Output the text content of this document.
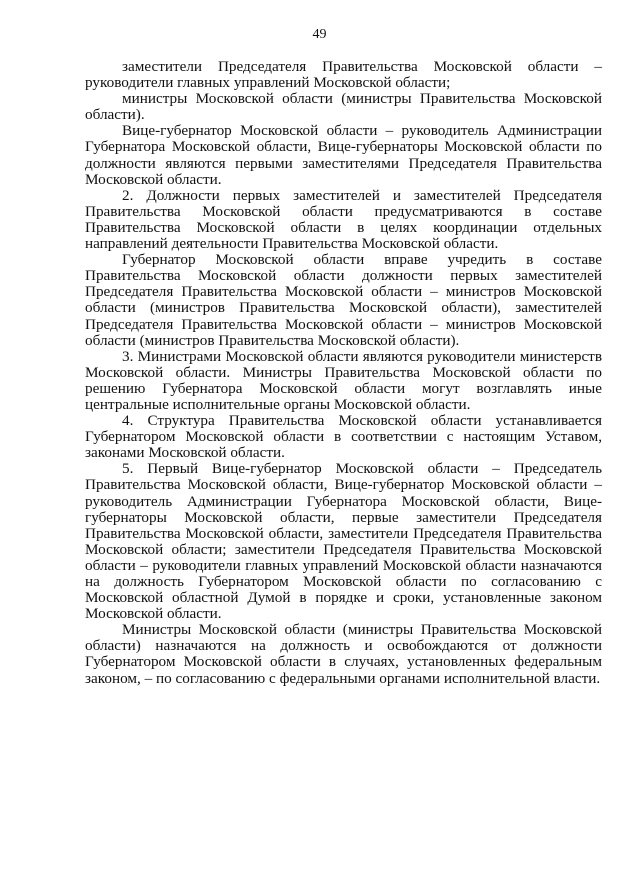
49

заместители Председателя Правительства Московской области – руководители главных управлений Московской области;

министры Московской области (министры Правительства Московской области).

Вице-губернатор Московской области – руководитель Администрации Губернатора Московской области, Вице-губернаторы Московской области по должности являются первыми заместителями Председателя Правительства Московской области.

2. Должности первых заместителей и заместителей Председателя Правительства Московской области предусматриваются в составе Правительства Московской области в целях координации отдельных направлений деятельности Правительства Московской области.

Губернатор Московской области вправе учредить в составе Правительства Московской области должности первых заместителей Председателя Правительства Московской области – министров Московской области (министров Правительства Московской области), заместителей Председателя Правительства Московской области – министров Московской области (министров Правительства Московской области).

3. Министрами Московской области являются руководители министерств Московской области. Министры Правительства Московской области по решению Губернатора Московской области могут возглавлять иные центральные исполнительные органы Московской области.

4. Структура Правительства Московской области устанавливается Губернатором Московской области в соответствии с настоящим Уставом, законами Московской области.

5. Первый Вице-губернатор Московской области – Председатель Правительства Московской области, Вице-губернатор Московской области – руководитель Администрации Губернатора Московской области, Вице-губернаторы Московской области, первые заместители Председателя Правительства Московской области, заместители Председателя Правительства Московской области; заместители Председателя Правительства Московской области – руководители главных управлений Московской области назначаются на должность Губернатором Московской области по согласованию с Московской областной Думой в порядке и сроки, установленные законом Московской области.

Министры Московской области (министры Правительства Московской области) назначаются на должность и освобождаются от должности Губернатором Московской области в случаях, установленных федеральным законом, – по согласованию с федеральными органами исполнительной власти.
